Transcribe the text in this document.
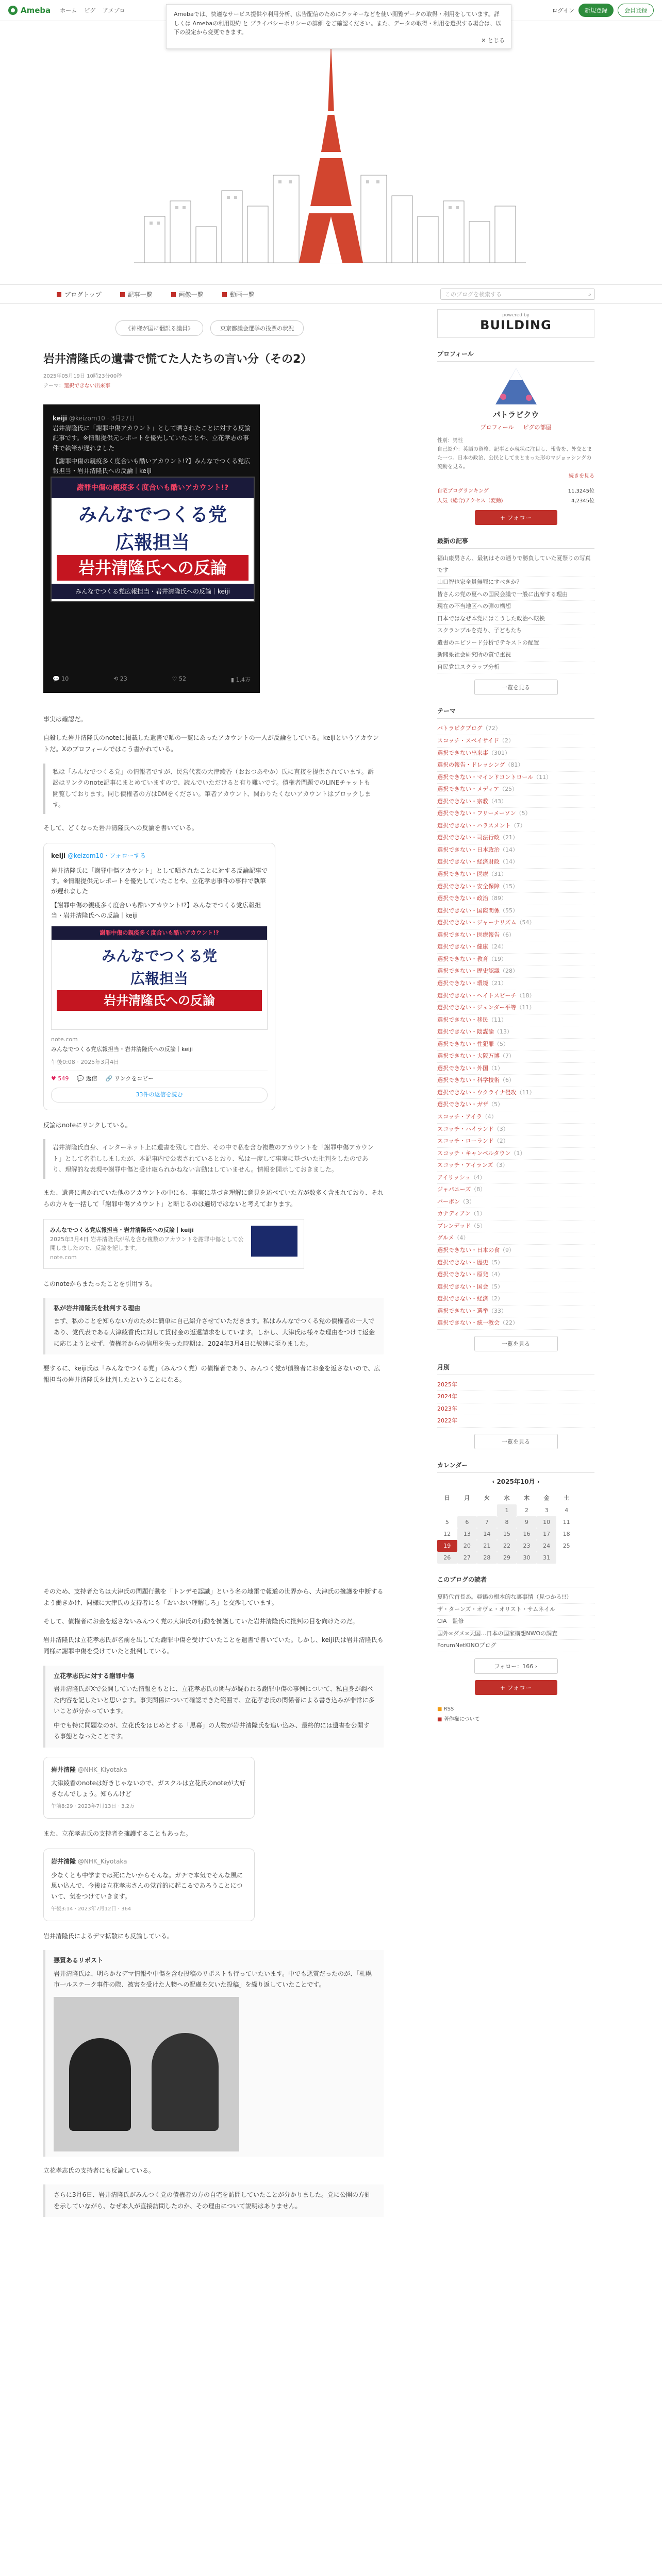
Ameba ホーム ピグ アメブロ	ログイン	新規登録	会員登録
Amebaでは、快適なサービス提供や利用分析、広告配信のためにクッキーなどを使い閲覧データの取得・利用をしています。詳しくは Amebaの利用規約 と プライバシーポリシーの詳細 をご確認ください。また、データの取得・利用を選択する場合は、以下の設定から変更できます。
✕ とじる
ブログトップ	記事一覧	画像一覧	動画一覧	このブログを検索する	⌕
《神様が国に翻訳る議員》	東京都議会選挙の投票の状況
岩井清隆氏の遺書で慌てた人たちの言い分（その2）
2025年05月19日 10時23分00秒
テーマ：選択できない出来事
keiji @keizom10 · 3月27日
岩井清隆氏に「謝罪中傷アカウント」として晒されたことに対する反論記事です。※情報提供元レポートを優先していたことや、立花孝志の事件で執筆が遅れました
【謝罪中傷の親疫多く度合いも酷いアカウント!?】みんなでつくる党広報担当・岩井清隆氏への反論｜keiji
謝罪中傷の親疫多く度合いも酷いアカウント!?
みんなでつくる党
広報担当
岩井清隆氏への反論
みんなでつくる党広報担当・岩井清隆氏への反論｜keiji
💬 10	⟲ 23	♡ 52	▮ 1.4万

事実は確認だ。

自殺した岩井清隆氏のnoteに掲載した遺書で晒の一覧にあったアカウントの一人が反論をしている。keijiというアカウントだ。Xのプロフィールではこう書かれている。

私は「みんなでつくる党」の情報者ですが、民営代表の大津綾香（おおつあやか）氏に直接を提供されています。訴訟はリンクのnote記事にまとめていますので、読んでいただけると有り難いです。債権者問題でのLINEチャットも閲覧しております。同じ債権者の方はDMをください。筆者アカウント、関わりたくないアカウントはブロックします。

そして、どくなった岩井清隆氏への反論を書いている。

keiji @keizom10 · フォローする
岩井清隆氏に「謝罪中傷アカウント」として晒されたことに対する反論記事です。※情報提供元レポートを優先していたことや、立花孝志事件の事件で執筆が遅れました
【謝罪中傷の親疫多く度合いも酷いアカウント!?】みんなでつくる党広報担当・岩井清隆氏への反論｜keiji
謝罪中傷の親疫多く度合いも酷いアカウント!?
みんなでつくる党
広報担当
岩井清隆氏への反論
note.com
みんなでつくる党広報担当・岩井清隆氏への反論｜keiji
午後0:08 · 2025年3月4日
♥ 549 💬 返信 🔗 リンクをコピー
33件の返信を読む

反論はnoteにリンクしている。

岩井清隆氏自身、インターネット上に遺書を残して自分、その中で私を含む複数のアカウントを「謝罪中傷アカウント」として名指ししましたが、本記事内で公表されているとおり、私は一度して事実に基づいた批判をしたのであり、理解的な表現や謝罪中傷と受け取られかねない言動はしていません。情報を開示しておきました。

また、遺書に書かれていた他のアカウントの中にも、事実に基づき理解に意見を述べていた方が数多く含まれており、それらの方々を一括して「謝罪中傷アカウント」と断じるのは適切ではないと考えております。

みんなでつくる党広報担当・岩井清隆氏への反論｜keiji
2025年3月4日 岩井清隆氏が私を含む複数のアカウントを謝罪中傷として公開しましたので、反論を記します。
note.com

このnoteからまたったことを引用する。

私が岩井清隆氏を批判する理由
まず、私のことを知らない方のために簡単に自己紹介させていただきます。私はみんなでつくる党の債権者の一人であり、党代表である大津綾香氏に対して貸付金の返還請求をしています。しかし、大津氏は様々な理由をつけて返金に応じようとせず、債権者からの信用を失った時期は、2024年3月4日に敏速に至りました。

要するに、keiji氏は「みんなでつくる党」（みんつく党）の債権者であり、みんつく党が債務者にお金を返さないので、広報担当の岩井清隆氏を批判したということになる。

そのため、支持者たちは大津氏の問題行動を「トンデモ認識」という名の地雷で報道の世界から、大津氏の擁護を中断するよう働きかけ、同様に大津氏の支持者にも「おいおい理解しろ」と交渉しています。

そして、債権者にお金を返さないみんつく党の大津氏の行動を擁護していた岩井清隆氏に批判の目を向けたのだ。

岩井清隆氏は立花孝志氏が名前を出してた謝罪中傷を受けていたことを遺書で書いていた。しかし、keiji氏は岩井清隆氏も同様に謝罪中傷を受けていたと批判している。

立花孝志氏に対する謝罪中傷
岩井清隆氏がXで公開していた情報をもとに、立花孝志氏の関与が疑われる謝罪中傷の事例について、私自身が調べた内容を記したいと思います。事実関係について確認できた範囲で、立花孝志氏の関係者による書き込みが非常に多いことが分かっています。
中でも特に問題なのが、立花氏をはじめとする「黒幕」の人物が岩井清隆氏を追い込み、最終的には遺書を公開する事態となったことです。
岩井清隆 @NHK_Kiyotaka
大津綾香のnoteは好きじゃないので、ガスクルは立花氏のnoteが大好きなんでしょう。知らんけど
午前8:29 · 2023年7月13日 · 3.2万

また、立花孝志氏の支持者を擁護することもあった。

岩井清隆 @NHK_Kiyotaka
少なくとも中学までは死にたいからそんな。ガチで本気でそんな風に思い込んで、今後は立花孝志さんの党首的に起こるであろうことについて、気をつけていきます。
午後3:14 · 2023年7月12日 · 364

岩井清隆氏によるデマ拡散にも反論している。

悪質あるリポスト
岩井清隆氏は、明らかなデマ情報や中傷を含む投稿のリポストも行っていたいます。中でも悪質だったのが、「札幌市一ルステーク事件の際、被害を受けた人物への配慮を欠いた投稿」を繰り返していたことです。

立花孝志氏の支持者にも反論している。

さらに3月6日、岩井清隆氏がみんつく党の債権者の方の自宅を訪問していたことが分かりました。党に公開の方針を示していながら、なぜ本人が直接訪問したのか、その理由について説明はありません。
powered by
BUILDING
プロフィール
パトラピクウ
プロフィール ピグの部屋
性別：男性
自己紹介：英語の資格、記事とか現状に注目し、報告を、外交とまた一つ。日本の政治、公民としてまとまった形のマジョッシングの流動を見る。
続きを見る
自宅ブログランキング	11,3245位
人気（総合)アクセス（変動)	4,2345位
+ フォロー
最新の記事
福山康男さん、最初はその通りで勝負していた夏祭りの写真です
山口智也家全員無罪にすべきか？
皆さんの党の夏への国民会議で一般に出席する理由
現在の不当地区への弾の構想
日本ではなぜ本党にはこうした政治へ転換
スクランブルを売り、子どもたち
遺書のエピソード分析でテキストの配置
新聞系社会研究所の質で重視
自民党はスクラップ分析
一覧を見る
テーマ
パトラピクブログ（72）
スコッチ・スペイサイド（2）
選択できない出来事（301）
選択の報告・ドレッシング（81）
選択できない・マインドコントロール（11）
選択できない・メディア（25）
選択できない・宗教（43）
選択できない・フリーメーソン（5）
選択できない・ハラスメント（7）
選択できない・司法行政（21）
選択できない・日本政治（14）
選択できない・経済財政（14）
選択できない・医療（31）
選択できない・安全保障（15）
選択できない・政治（89）
選択できない・国際関係（55）
選択できない・ジャーナリズム（54）
選択できない・医療報告（6）
選択できない・健康（24）
選択できない・教育（19）
選択できない・歴史認識（28）
選択できない・環境（21）
選択できない・ヘイトスピーチ（18）
選択できない・ジェンダー平等（11）
選択できない・移民（11）
選択できない・陰謀論（13）
選択できない・性犯罪（5）
選択できない・大阪万博（7）
選択できない・外国（1）
選択できない・科学技術（6）
選択できない・ウクライナ侵攻（11）
選択できない・ガザ（5）
スコッチ・アイラ（4）
スコッチ・ハイランド（3）
スコッチ・ローランド（2）
スコッチ・キャンベルタウン（1）
スコッチ・アイランズ（3）
アイリッシュ（4）
ジャパニーズ（8）
バーボン（3）
カナディアン（1）
ブレンデッド（5）
グルメ（4）
選択できない・日本の食（9）
選択できない・歴史（5）
選択できない・原発（4）
選択できない・国会（5）
選択できない・経済（2）
選択できない・選挙（33）
選択できない・統一教会（22）
一覧を見る
月別
2025年
2024年
2023年
2022年
一覧を見る
カレンダー
‹ 2025年10月 ›
日	月	火	水	木	金	土
			1	2	3	4
5	6	7	8	9	10	11
12	13	14	15	16	17	18
19	20	21	22	23	24	25
26	27	28	29	30	31	
このブログの読者
夏時代首長あ。亜鶴の根本的な裏事情（見つかる!!）
ザ・ターンズ・オヴェ・オリスト・サムネイル
CIA　監修
国外×ダメ×天国…日本の国家構想NWOの調査
ForumNetKINOブログ
フォロー：166 ›
+ フォロー
■ RSS
■ 著作権について
